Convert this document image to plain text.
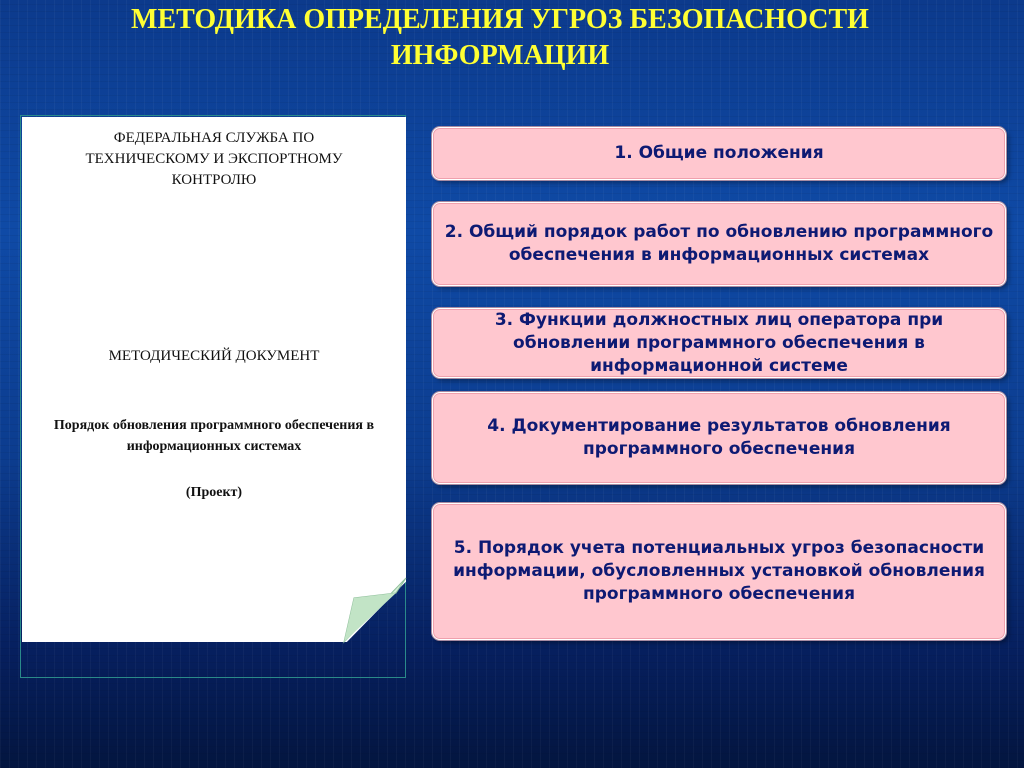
МЕТОДИКА ОПРЕДЕЛЕНИЯ УГРОЗ БЕЗОПАСНОСТИ ИНФОРМАЦИИ
ФЕДЕРАЛЬНАЯ СЛУЖБА ПО ТЕХНИЧЕСКОМУ И ЭКСПОРТНОМУ КОНТРОЛЮ
МЕТОДИЧЕСКИЙ ДОКУМЕНТ
Порядок обновления программного обеспечения в информационных системах
(Проект)
1. Общие положения
2. Общий порядок работ по обновлению программного обеспечения в информационных системах
3. Функции должностных лиц оператора при обновлении программного обеспечения в информационной системе
4. Документирование результатов обновления программного обеспечения
5. Порядок учета потенциальных угроз безопасности информации, обусловленных установкой обновления программного обеспечения
